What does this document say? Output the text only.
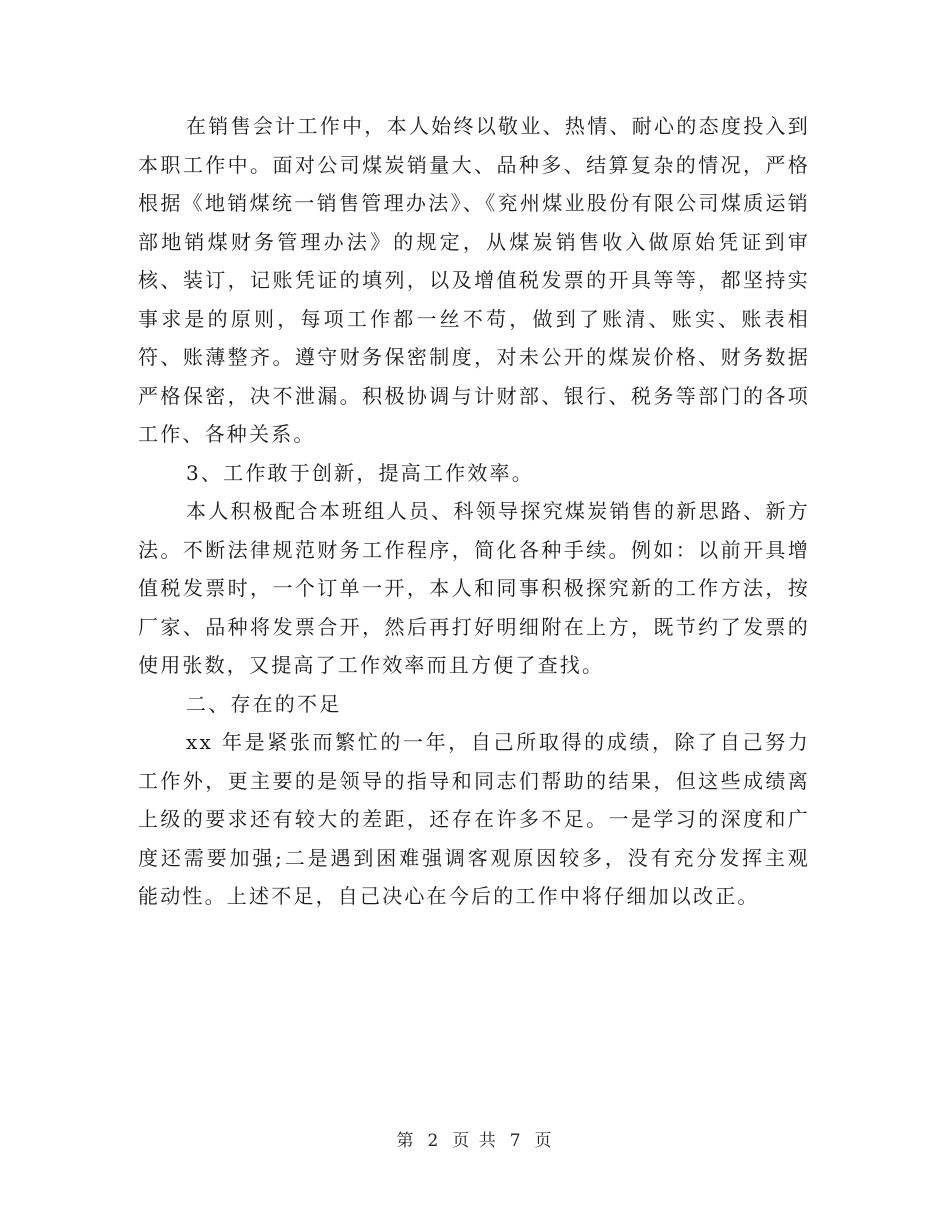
在销售会计工作中，本人始终以敬业、热情、耐心的态度投入到本职工作中。面对公司煤炭销量大、品种多、结算复杂的情况，严格根据《地销煤统一销售管理办法》、《兖州煤业股份有限公司煤质运销部地销煤财务管理办法》的规定，从煤炭销售收入做原始凭证到审核、装订，记账凭证的填列，以及增值税发票的开具等等，都坚持实事求是的原则，每项工作都一丝不苟，做到了账清、账实、账表相符、账薄整齐。遵守财务保密制度，对未公开的煤炭价格、财务数据严格保密，决不泄漏。积极协调与计财部、银行、税务等部门的各项工作、各种关系。

3、工作敢于创新，提高工作效率。

本人积极配合本班组人员、科领导探究煤炭销售的新思路、新方法。不断法律规范财务工作程序，简化各种手续。例如：以前开具增值税发票时，一个订单一开，本人和同事积极探究新的工作方法，按厂家、品种将发票合开，然后再打好明细附在上方，既节约了发票的使用张数，又提高了工作效率而且方便了查找。

二、存在的不足

xx 年是紧张而繁忙的一年，自己所取得的成绩，除了自己努力工作外，更主要的是领导的指导和同志们帮助的结果，但这些成绩离上级的要求还有较大的差距，还存在许多不足。一是学习的深度和广度还需要加强;二是遇到困难强调客观原因较多，没有充分发挥主观能动性。上述不足，自己决心在今后的工作中将仔细加以改正。

第 2 页 共 7 页
